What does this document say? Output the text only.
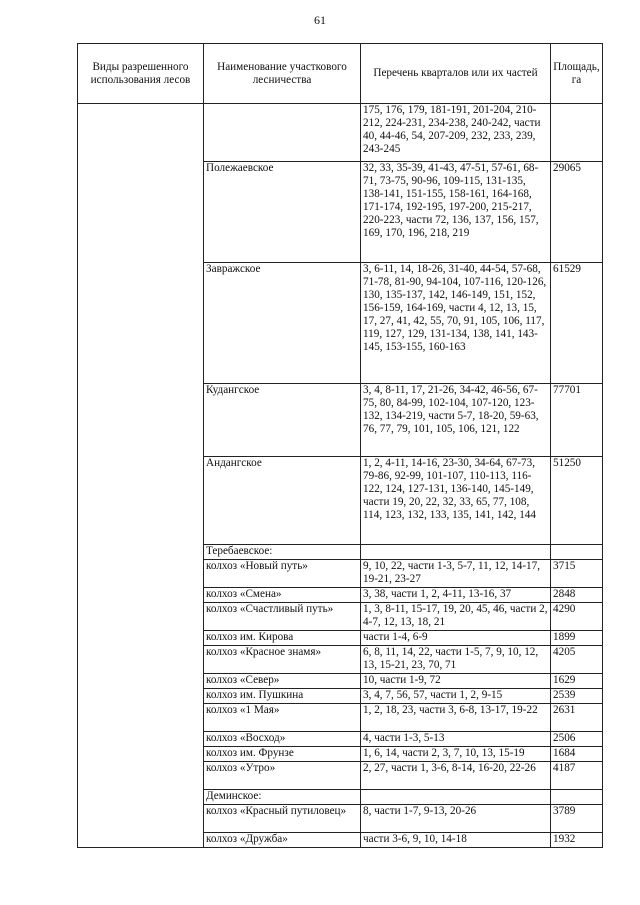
61
Виды разрешенного использования лесов	Наименование участкового лесничества	Перечень кварталов или их частей	Площадь, га
		175, 176, 179, 181-191, 201-204, 210-212, 224-231, 234-238, 240-242, части 40, 44-46, 54, 207-209, 232, 233, 239, 243-245	
	Полежаевское	32, 33, 35-39, 41-43, 47-51, 57-61, 68-71, 73-75, 90-96, 109-115, 131-135, 138-141, 151-155, 158-161, 164-168, 171-174, 192-195, 197-200, 215-217, 220-223, части 72, 136, 137, 156, 157, 169, 170, 196, 218, 219	29065
	Завражское	3, 6-11, 14, 18-26, 31-40, 44-54, 57-68, 71-78, 81-90, 94-104, 107-116, 120-126, 130, 135-137, 142, 146-149, 151, 152, 156-159, 164-169, части 4, 12, 13, 15, 17, 27, 41, 42, 55, 70, 91, 105, 106, 117, 119, 127, 129, 131-134, 138, 141, 143-145, 153-155, 160-163	61529
	Кудангское	3, 4, 8-11, 17, 21-26, 34-42, 46-56, 67-75, 80, 84-99, 102-104, 107-120, 123-132, 134-219, части 5-7, 18-20, 59-63, 76, 77, 79, 101, 105, 106, 121, 122	77701
	Андангское	1, 2, 4-11, 14-16, 23-30, 34-64, 67-73, 79-86, 92-99, 101-107, 110-113, 116-122, 124, 127-131, 136-140, 145-149, части 19, 20, 22, 32, 33, 65, 77, 108, 114, 123, 132, 133, 135, 141, 142, 144	51250
	Теребаевское:		
	колхоз «Новый путь»	9, 10, 22, части 1-3, 5-7, 11, 12, 14-17, 19-21, 23-27	3715
	колхоз «Смена»	3, 38, части 1, 2, 4-11, 13-16, 37	2848
	колхоз «Счастливый путь»	1, 3, 8-11, 15-17, 19, 20, 45, 46, части 2, 4-7, 12, 13, 18, 21	4290
	колхоз им. Кирова	части 1-4, 6-9	1899
	колхоз «Красное знамя»	6, 8, 11, 14, 22, части 1-5, 7, 9, 10, 12, 13, 15-21, 23, 70, 71	4205
	колхоз «Север»	10, части 1-9, 72	1629
	колхоз им. Пушкина	3, 4, 7, 56, 57, части 1, 2, 9-15	2539
	колхоз «1 Мая»	1, 2, 18, 23, части 3, 6-8, 13-17, 19-22	2631
	колхоз «Восход»	4, части 1-3, 5-13	2506
	колхоз им. Фрунзе	1, 6, 14, части 2, 3, 7, 10, 13, 15-19	1684
	колхоз «Утро»	2, 27, части 1, 3-6, 8-14, 16-20, 22-26	4187
	Деминское:		
	колхоз «Красный путиловец»	8, части 1-7, 9-13, 20-26	3789
	колхоз «Дружба»	части 3-6, 9, 10, 14-18	1932
